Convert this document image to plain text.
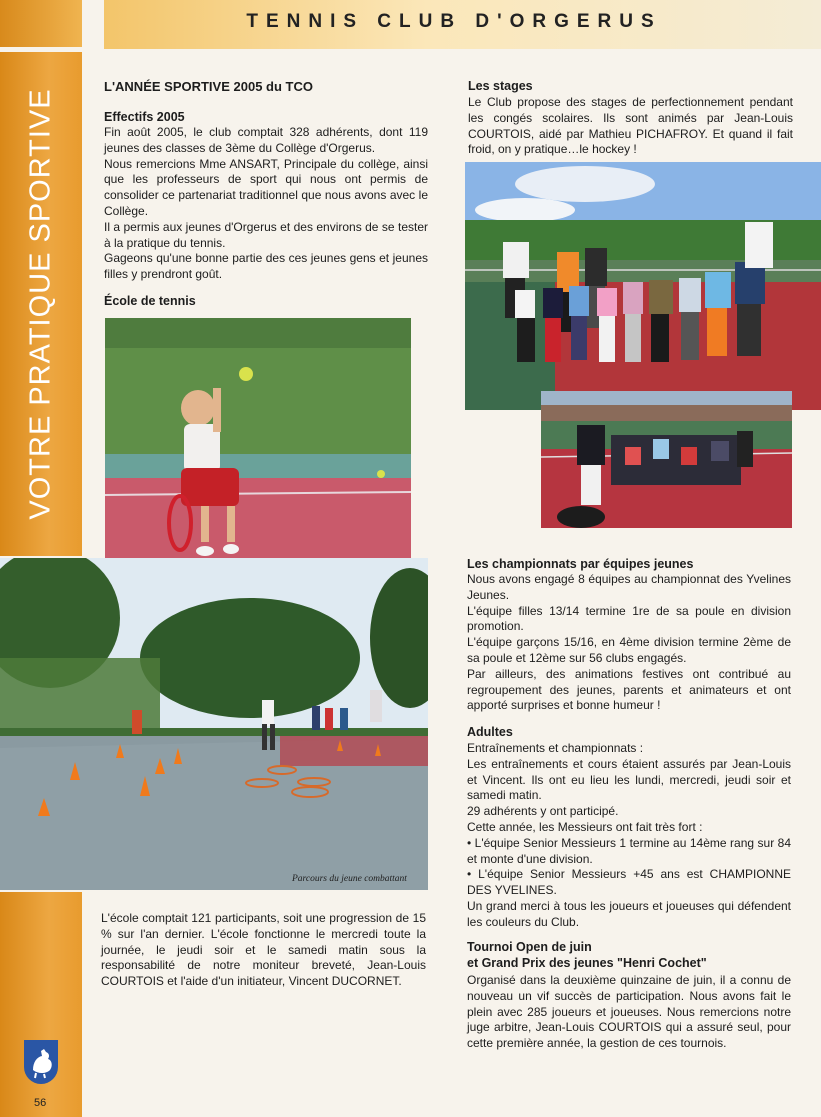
VOTRE PRATIQUE SPORTIVE
TENNIS CLUB D'ORGERUS
L'ANNÉE SPORTIVE 2005 du TCO
Effectifs 2005

Fin août 2005, le club comptait 328 adhérents, dont 119 jeunes des classes de 3ème du Collège d'Orgerus.

Nous remercions Mme ANSART, Principale du collège, ainsi que les professeurs de sport qui nous ont permis de consolider ce partenariat traditionnel que nous avons avec le Collège.

Il a permis aux jeunes d'Orgerus et des environs de se tester à la pratique du tennis.

Gageons qu'une bonne partie des ces jeunes gens et jeunes filles y prendront goût.

École de tennis
Parcours du jeune combattant
L'école comptait 121 participants, soit une progression de 15 % sur l'an dernier. L'école fonctionne le mercredi toute la journée, le jeudi soir et le samedi matin sous la responsabilité de notre moniteur breveté, Jean-Louis COURTOIS et l'aide d'un initiateur, Vincent DUCORNET.
Les stages
Le Club propose des stages de perfectionnement pendant les congés scolaires. Ils sont animés par Jean-Louis COURTOIS, aidé par Mathieu PICHAFROY. Et quand il fait froid, on y pratique…le hockey !
Les championnats par équipes jeunes

Nous avons engagé 8 équipes au championnat des Yvelines Jeunes.

L'équipe filles 13/14 termine 1re de sa poule en division promotion.

L'équipe garçons 15/16, en 4ème division termine 2ème de sa poule et 12ème sur 56 clubs engagés.

Par ailleurs, des animations festives ont contribué au regroupement des jeunes, parents et animateurs et ont apporté surprises et bonne humeur !

Adultes

Entraînements et championnats :

Les entraînements et cours étaient assurés par Jean-Louis et Vincent. Ils ont eu lieu les lundi, mercredi, jeudi soir et samedi matin.

29 adhérents y ont participé.

Cette année, les Messieurs ont fait très fort :

• L'équipe Senior Messieurs 1 termine au 14ème rang sur 84 et monte d'une division.

• L'équipe Senior Messieurs +45 ans est CHAMPIONNE DES YVELINES.

Un grand merci à tous les joueurs et joueuses qui défendent les couleurs du Club.

Tournoi Open de juin
et Grand Prix des jeunes "Henri Cochet"
Organisé dans la deuxième quinzaine de juin, il a connu de nouveau un vif succès de participation. Nous avons fait le plein avec 285 joueurs et joueuses. Nous remercions notre juge arbitre, Jean-Louis COURTOIS qui a assuré seul, pour cette première année, la gestion de ces tournois.
56
